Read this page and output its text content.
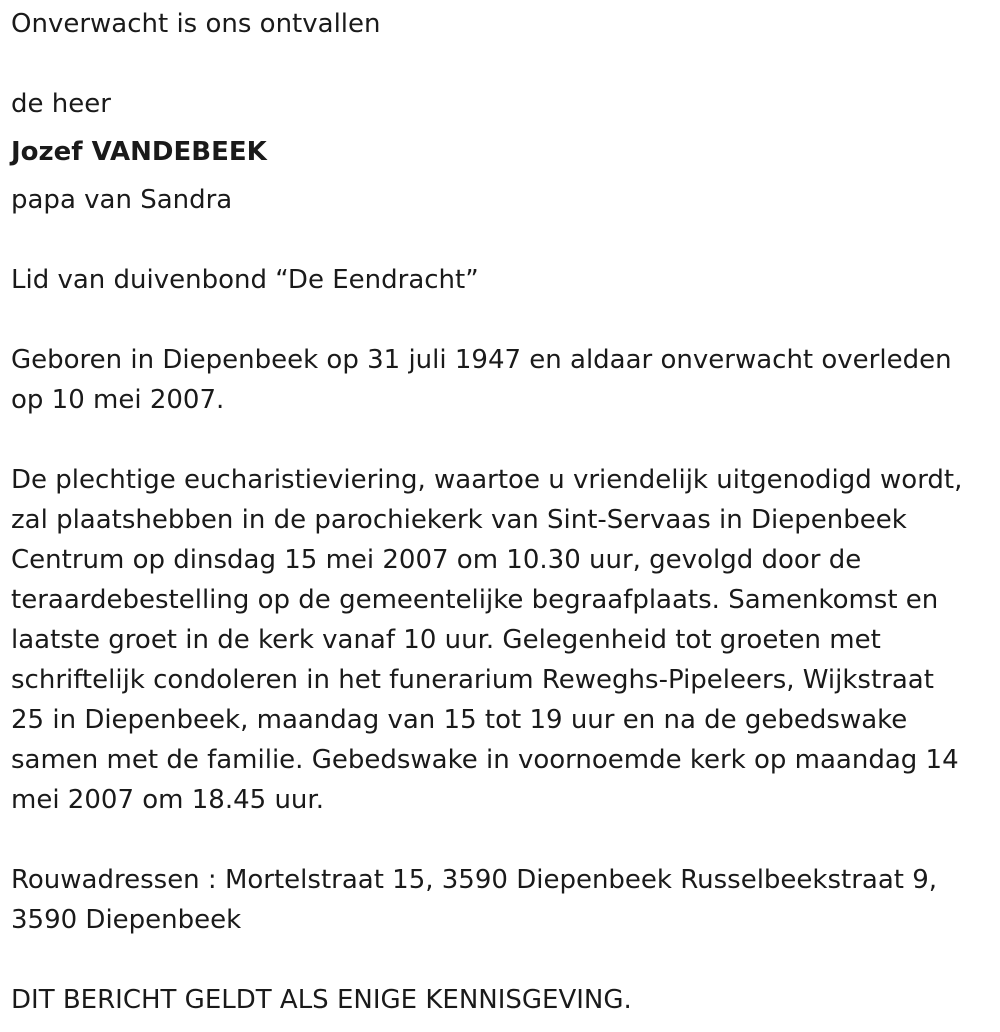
Onverwacht is ons ontvallen

de heer

Jozef VANDEBEEK

papa van Sandra

Lid van duivenbond “De Eendracht”

Geboren in Diepenbeek op 31 juli 1947 en aldaar onverwacht overleden
op 10 mei 2007.

De plechtige eucharistieviering, waartoe u vriendelijk uitgenodigd wordt,
zal plaatshebben in de parochiekerk van Sint-Servaas in Diepenbeek
Centrum op dinsdag 15 mei 2007 om 10.30 uur, gevolgd door de
teraardebestelling op de gemeentelijke begraafplaats. Samenkomst en
laatste groet in de kerk vanaf 10 uur. Gelegenheid tot groeten met
schriftelijk condoleren in het funerarium Reweghs-Pipeleers, Wijkstraat
25 in Diepenbeek, maandag van 15 tot 19 uur en na de gebedswake
samen met de familie. Gebedswake in voornoemde kerk op maandag 14
mei 2007 om 18.45 uur.

Rouwadressen : Mortelstraat 15, 3590 Diepenbeek Russelbeekstraat 9,
3590 Diepenbeek

DIT BERICHT GELDT ALS ENIGE KENNISGEVING.
